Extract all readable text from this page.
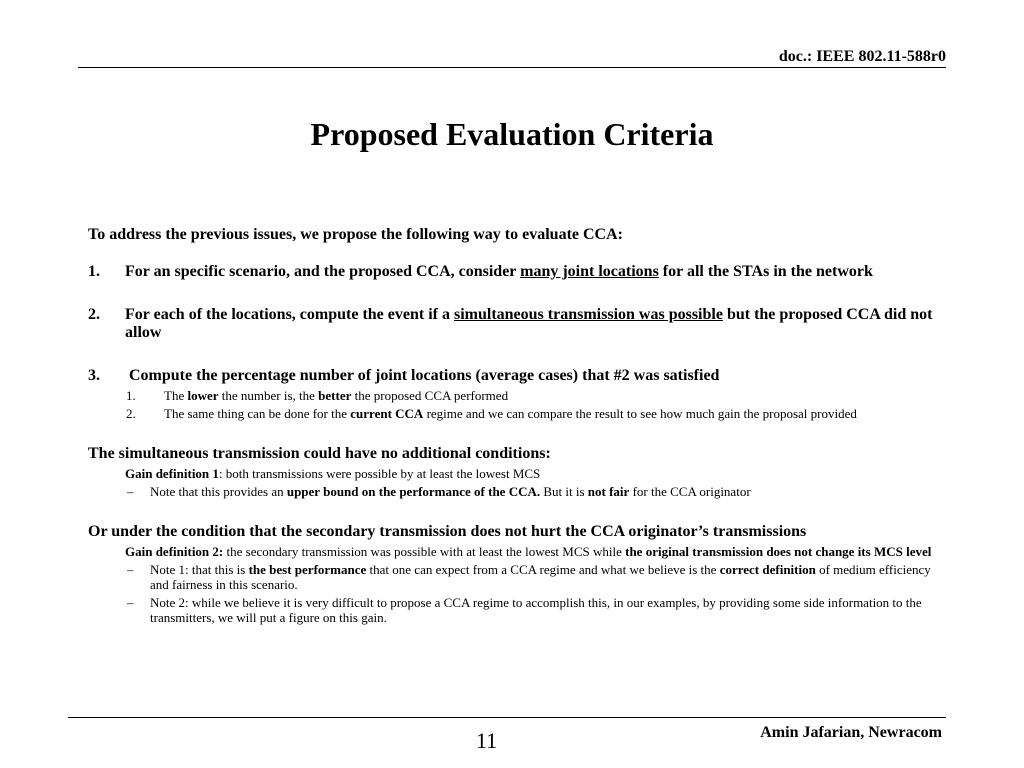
doc.: IEEE 802.11-588r0
Proposed Evaluation Criteria

To address the previous issues, we propose the following way to evaluate CCA:

1. For an specific scenario, and the proposed CCA, consider many joint locations for all the STAs in the network
2. For each of the locations, compute the event if a simultaneous transmission was possible but the proposed CCA did not allow
3. Compute the percentage number of joint locations (average cases) that #2 was satisfied
1. The lower the number is, the better the proposed CCA performed
2. The same thing can be done for the current CCA regime and we can compare the result to see how much gain the proposal provided
The simultaneous transmission could have no additional conditions:
Gain definition 1: both transmissions were possible by at least the lowest MCS
– Note that this provides an upper bound on the performance of the CCA. But it is not fair for the CCA originator
Or under the condition that the secondary transmission does not hurt the CCA originator’s transmissions
Gain definition 2: the secondary transmission was possible with at least the lowest MCS while the original transmission does not change its MCS level
– Note 1: that this is the best performance that one can expect from a CCA regime and what we believe is the correct definition of medium efficiency and fairness in this scenario.
– Note 2: while we believe it is very difficult to propose a CCA regime to accomplish this, in our examples, by providing some side information to the transmitters, we will put a figure on this gain.
11	Amin Jafarian, Newracom
